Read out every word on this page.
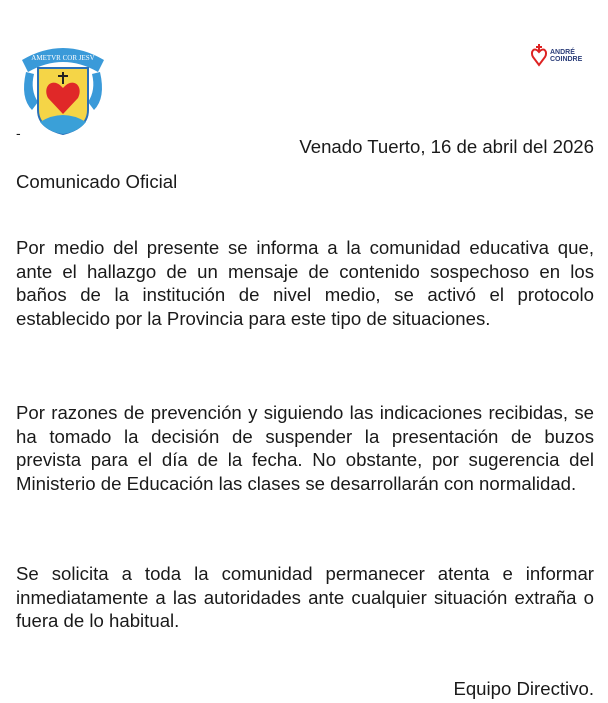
AMETVR COR JESV
-
ANDRÉ COINDRE
Venado Tuerto, 16 de abril del 2026
Comunicado Oficial

Por medio del presente se informa a la comunidad educativa que, ante el hallazgo de un mensaje de contenido sospechoso en los baños de la institución de nivel medio, se activó el protocolo establecido por la Provincia para este tipo de situaciones.

Por razones de prevención y siguiendo las indicaciones recibidas, se ha tomado la decisión de suspender la presentación de buzos prevista para el día de la fecha. No obstante, por sugerencia del Ministerio de Educación las clases se desarrollarán con normalidad.

Se solicita a toda la comunidad permanecer atenta e informar inmediatamente a las autoridades ante cualquier situación extraña o fuera de lo habitual.

Equipo Directivo.
